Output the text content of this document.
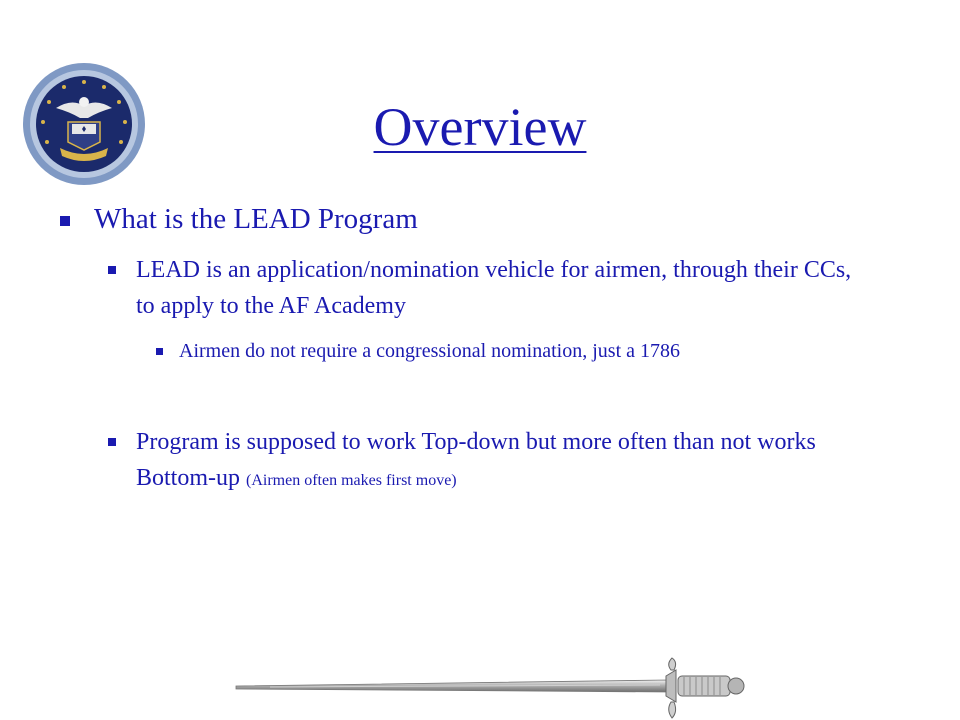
Overview
What is the LEAD Program
LEAD is an application/nomination vehicle for airmen, through their CCs, to apply to the AF Academy
Airmen do not require a congressional nomination, just a 1786
Program is supposed to work Top-down but more often than not works Bottom-up (Airmen often makes first move)
